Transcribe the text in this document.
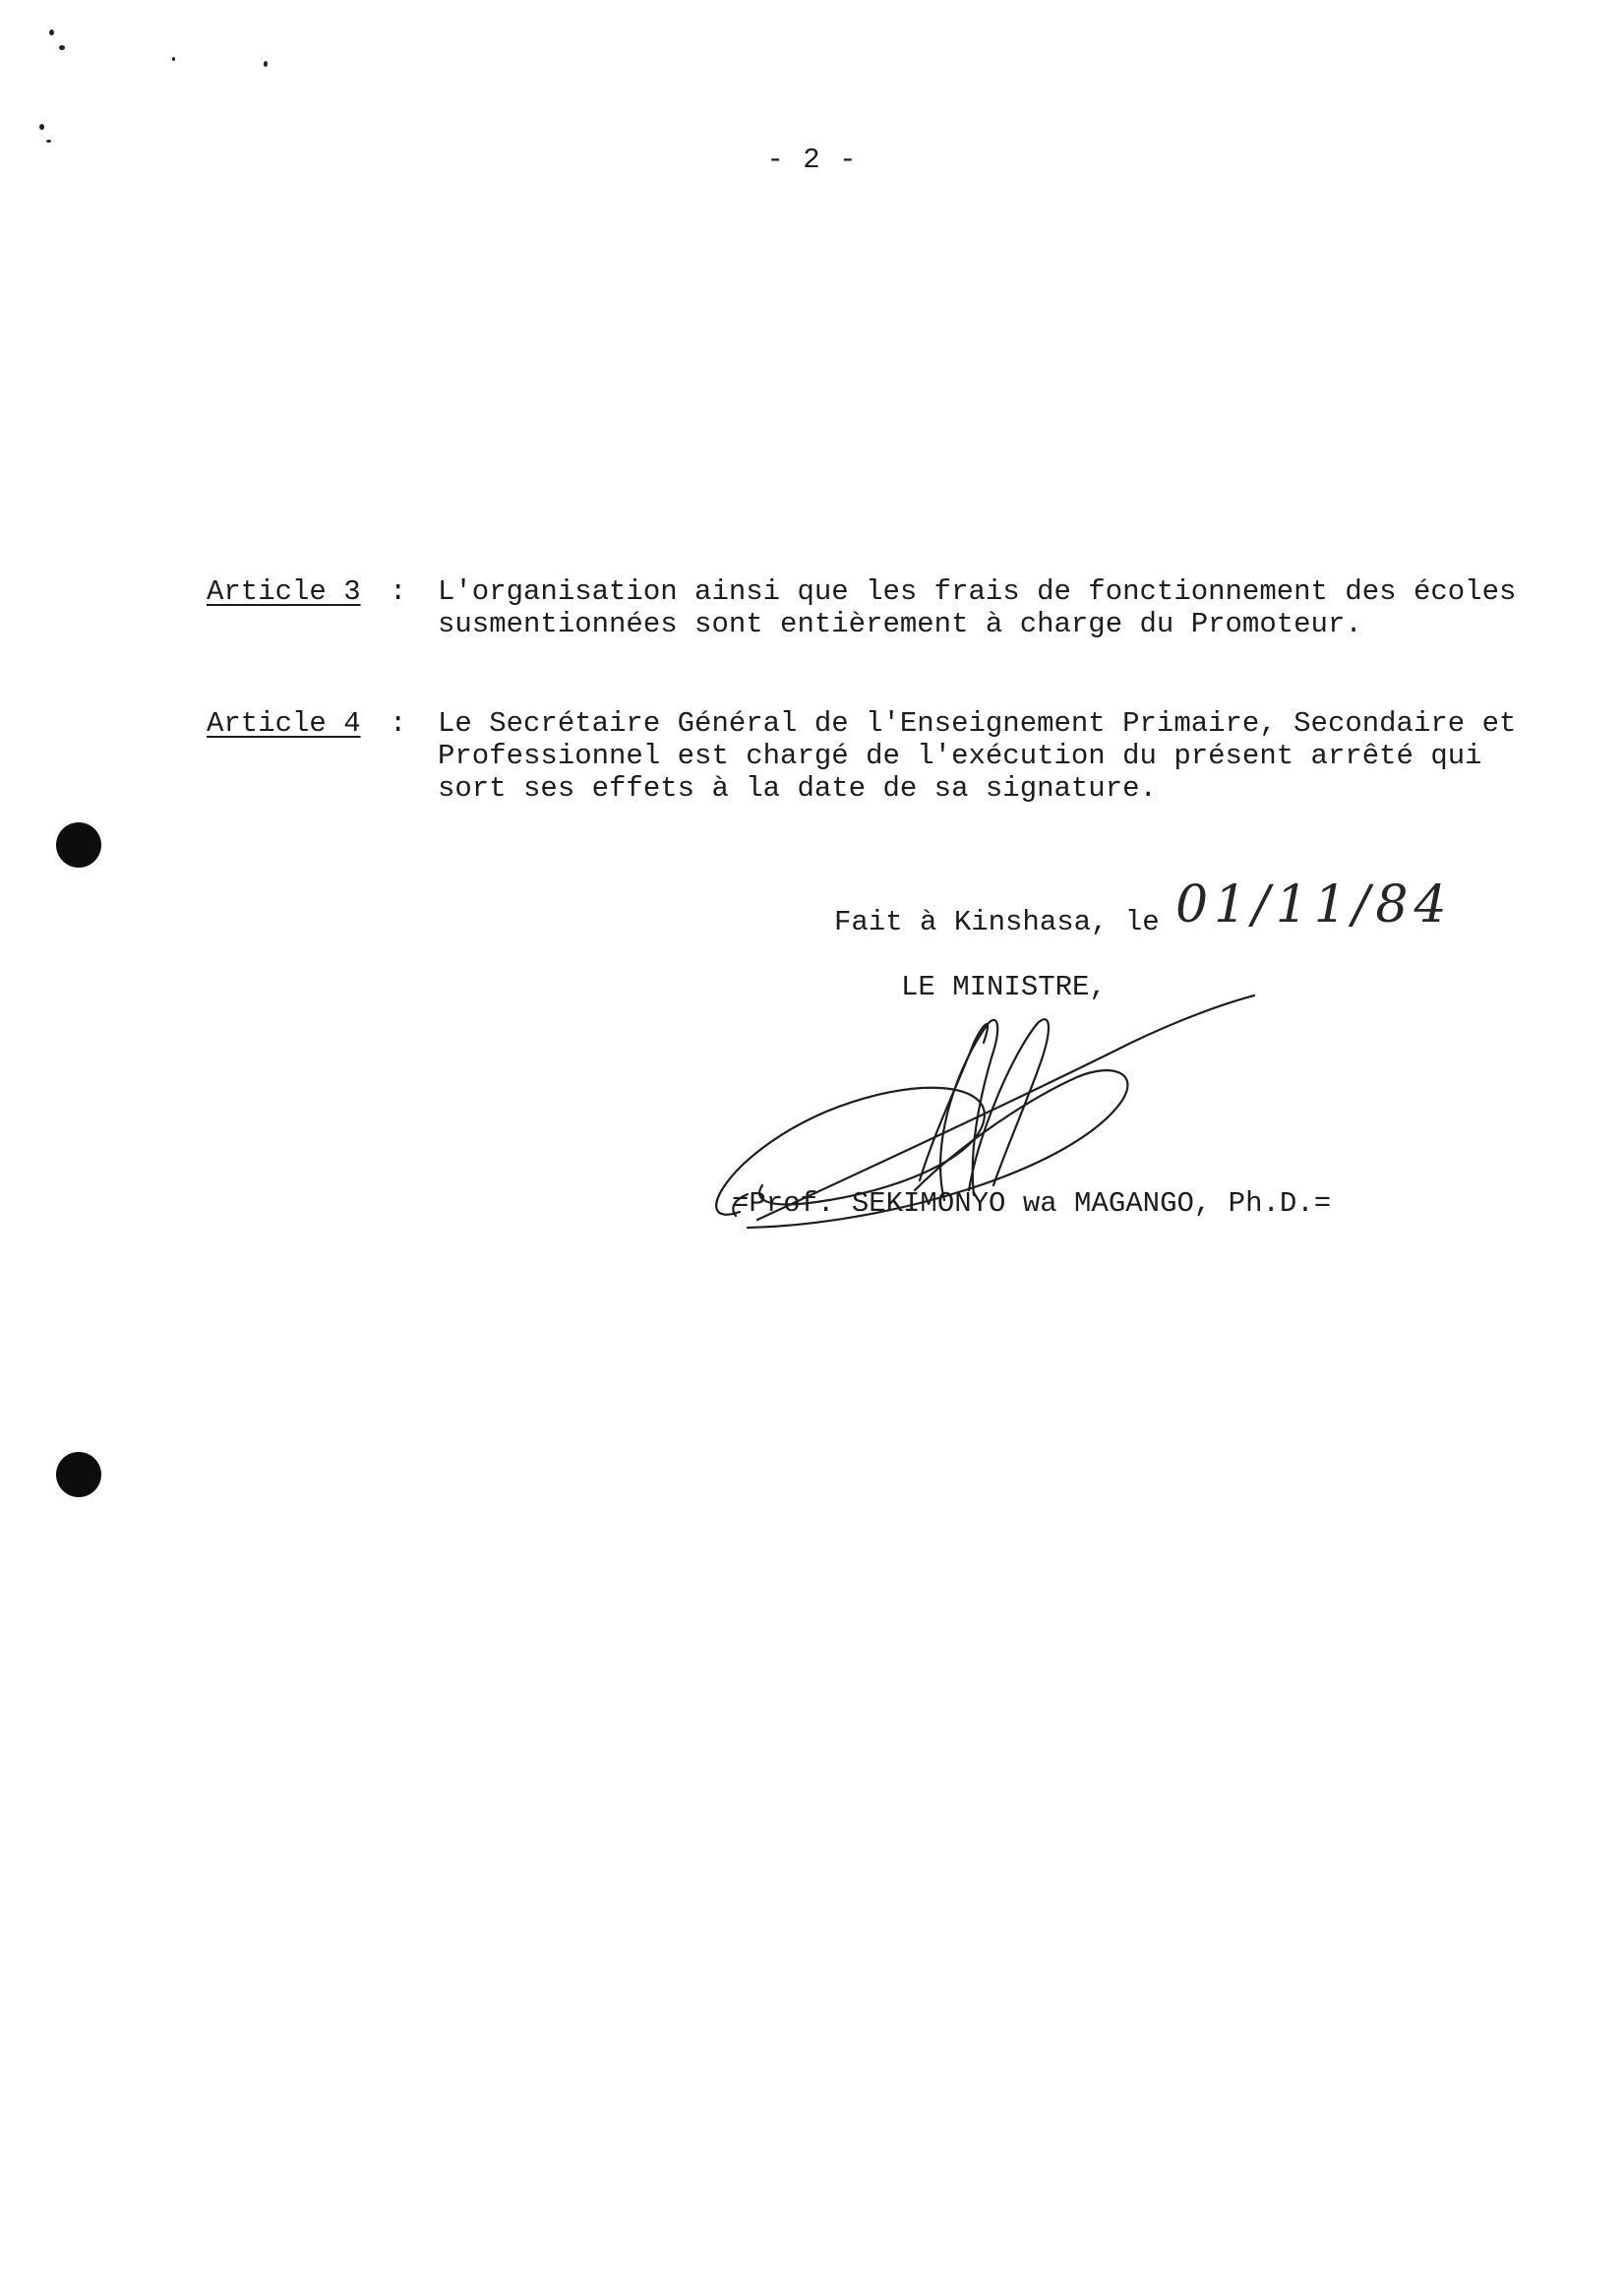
- 2 -
Article 3 : L'organisation ainsi que les frais de fonctionnement des écoles
susmentionnées sont entièrement à charge du Promoteur.
Article 4 : Le Secrétaire Général de l'Enseignement Primaire, Secondaire et
Professionnel est chargé de l'exécution du présent arrêté qui
sort ses effets à la date de sa signature.
Fait à Kinshasa, le 01/11/84
LE MINISTRE,
=Prof. SEKIMONYO wa MAGANGO, Ph.D.=
